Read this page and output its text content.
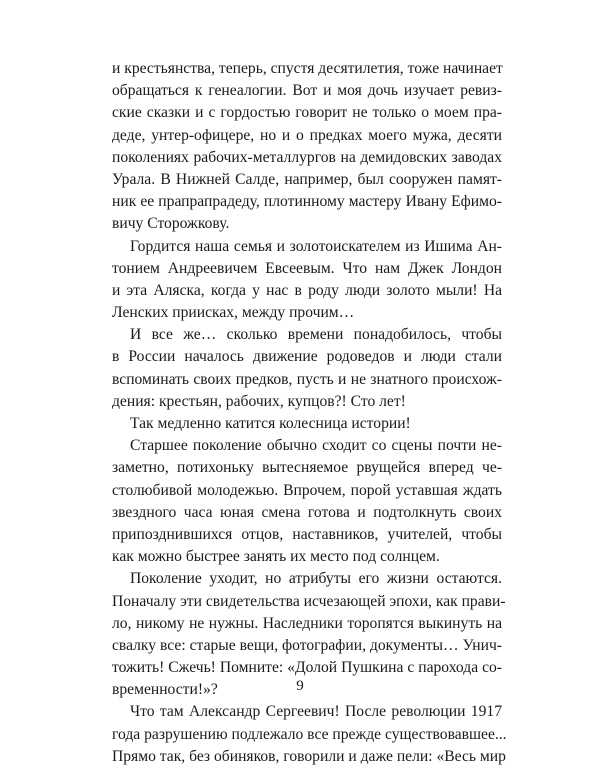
и крестьянства, теперь, спустя десятилетия, тоже начинает
обращаться к генеалогии. Вот и моя дочь изучает ревиз-
ские сказки и с гордостью говорит не только о моем пра-
деде, унтер-офицере, но и о предках моего мужа, десяти
поколениях рабочих-металлургов на демидовских заводах
Урала. В Нижней Салде, например, был сооружен памят-
ник ее прапрапрадеду, плотинному мастеру Ивану Ефимо-
вичу Сторожкову.
Гордится наша семья и золотоискателем из Ишима Ан-
тонием Андреевичем Евсеевым. Что нам Джек Лондон
и эта Аляска, когда у нас в роду люди золото мыли! На
Ленских приисках, между прочим…
И все же… сколько времени понадобилось, чтобы
в России началось движение родоведов и люди стали
вспоминать своих предков, пусть и не знатного происхож-
дения: крестьян, рабочих, купцов?! Сто лет!
Так медленно катится колесница истории!
Старшее поколение обычно сходит со сцены почти не-
заметно, потихоньку вытесняемое рвущейся вперед че-
столюбивой молодежью. Впрочем, порой уставшая ждать
звездного часа юная смена готова и подтолкнуть своих
припозднившихся отцов, наставников, учителей, чтобы
как можно быстрее занять их место под солнцем.
Поколение уходит, но атрибуты его жизни остаются.
Поначалу эти свидетельства исчезающей эпохи, как прави-
ло, никому не нужны. Наследники торопятся выкинуть на
свалку все: старые вещи, фотографии, документы… Унич-
тожить! Сжечь! Помните: «Долой Пушкина с парохода со-
временности!»?
Что там Александр Сергеевич! После революции 1917
года разрушению подлежало все прежде существовавшее...
Прямо так, без обиняков, говорили и даже пели: «Весь мир
9
